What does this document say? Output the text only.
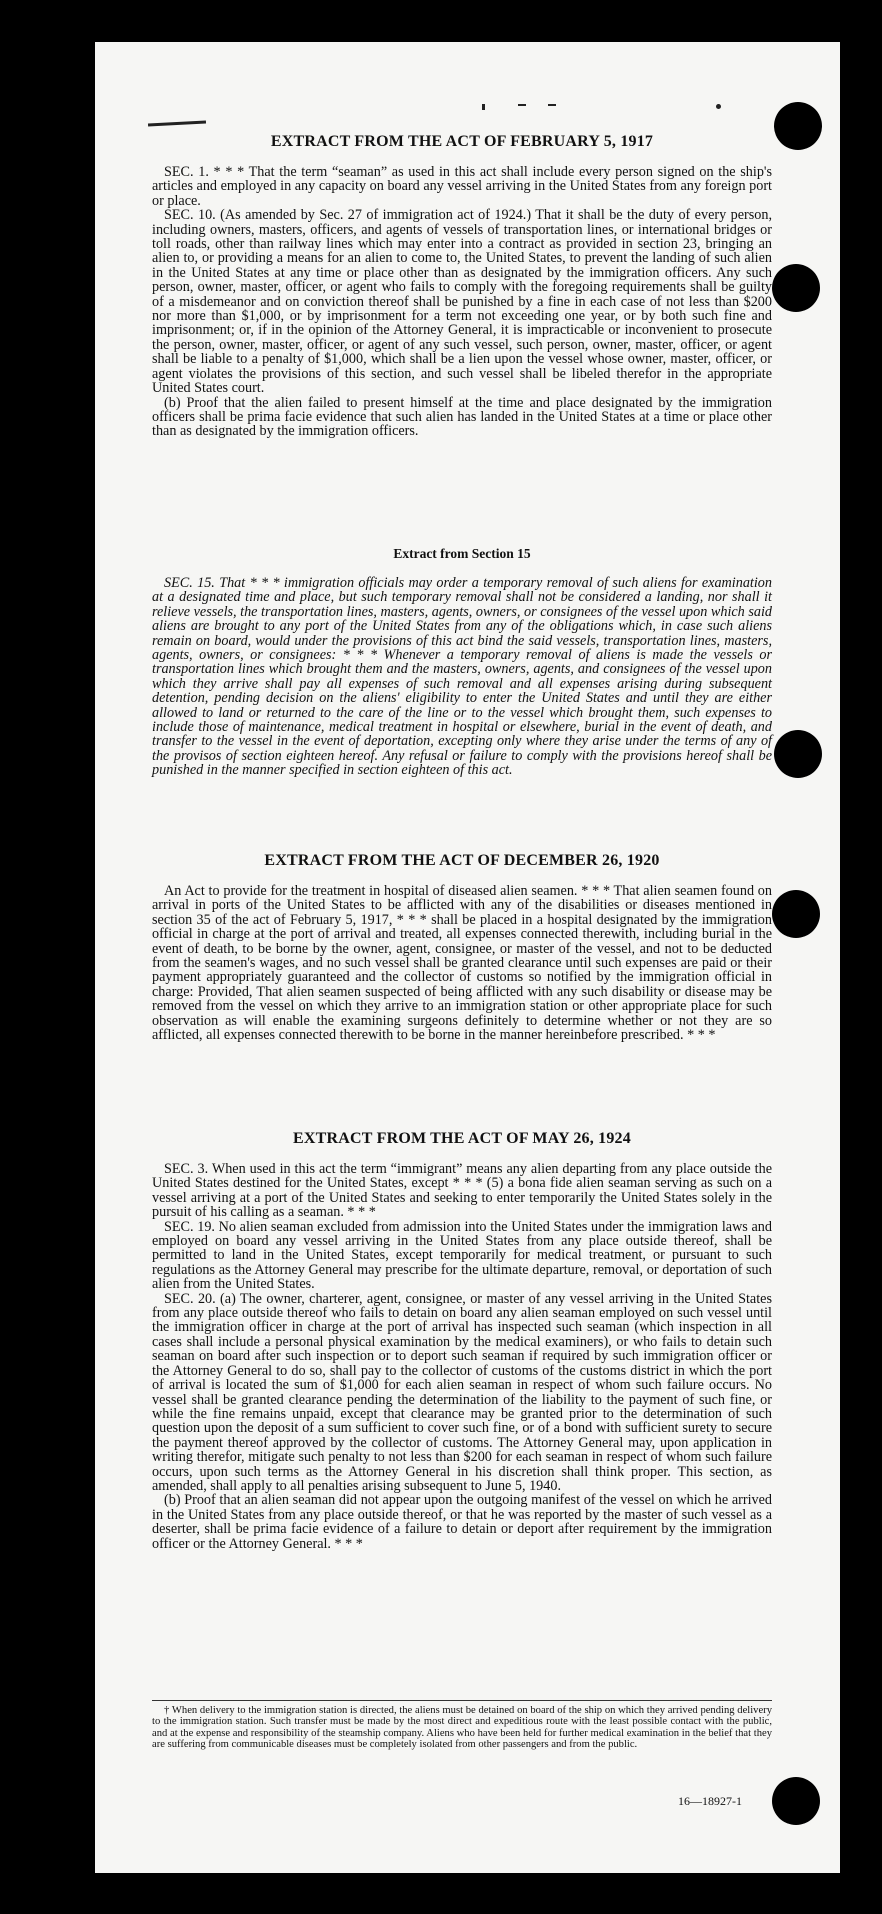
EXTRACT FROM THE ACT OF FEBRUARY 5, 1917

SEC. 1. * * * That the term “seaman” as used in this act shall include every person signed on the ship's articles and employed in any capacity on board any vessel arriving in the United States from any foreign port or place.

SEC. 10. (As amended by Sec. 27 of immigration act of 1924.) That it shall be the duty of every person, including owners, masters, officers, and agents of vessels of transportation lines, or international bridges or toll roads, other than railway lines which may enter into a contract as provided in section 23, bringing an alien to, or providing a means for an alien to come to, the United States, to prevent the landing of such alien in the United States at any time or place other than as designated by the immigration officers. Any such person, owner, master, officer, or agent who fails to comply with the foregoing requirements shall be guilty of a misdemeanor and on conviction thereof shall be punished by a fine in each case of not less than $200 nor more than $1,000, or by imprisonment for a term not exceeding one year, or by both such fine and imprisonment; or, if in the opinion of the Attorney General, it is impracticable or inconvenient to prosecute the person, owner, master, officer, or agent of any such vessel, such person, owner, master, officer, or agent shall be liable to a penalty of $1,000, which shall be a lien upon the vessel whose owner, master, officer, or agent violates the provisions of this section, and such vessel shall be libeled therefor in the appropriate United States court.

(b) Proof that the alien failed to present himself at the time and place designated by the immigration officers shall be prima facie evidence that such alien has landed in the United States at a time or place other than as designated by the immigration officers.

Extract from Section 15

SEC. 15. That * * * immigration officials may order a temporary removal of such aliens for examination at a designated time and place, but such temporary removal shall not be considered a landing, nor shall it relieve vessels, the transportation lines, masters, agents, owners, or consignees of the vessel upon which said aliens are brought to any port of the United States from any of the obligations which, in case such aliens remain on board, would under the provisions of this act bind the said vessels, transportation lines, masters, agents, owners, or consignees: * * * Whenever a temporary removal of aliens is made the vessels or transportation lines which brought them and the masters, owners, agents, and consignees of the vessel upon which they arrive shall pay all expenses of such removal and all expenses arising during subsequent detention, pending decision on the aliens' eligibility to enter the United States and until they are either allowed to land or returned to the care of the line or to the vessel which brought them, such expenses to include those of maintenance, medical treatment in hospital or elsewhere, burial in the event of death, and transfer to the vessel in the event of deportation, excepting only where they arise under the terms of any of the provisos of section eighteen hereof. Any refusal or failure to comply with the provisions hereof shall be punished in the manner specified in section eighteen of this act.

EXTRACT FROM THE ACT OF DECEMBER 26, 1920

An Act to provide for the treatment in hospital of diseased alien seamen. * * * That alien seamen found on arrival in ports of the United States to be afflicted with any of the disabilities or diseases mentioned in section 35 of the act of February 5, 1917, * * * shall be placed in a hospital designated by the immigration official in charge at the port of arrival and treated, all expenses connected therewith, including burial in the event of death, to be borne by the owner, agent, consignee, or master of the vessel, and not to be deducted from the seamen's wages, and no such vessel shall be granted clearance until such expenses are paid or their payment appropriately guaranteed and the collector of customs so notified by the immigration official in charge: Provided, That alien seamen suspected of being afflicted with any such disability or disease may be removed from the vessel on which they arrive to an immigration station or other appropriate place for such observation as will enable the examining surgeons definitely to determine whether or not they are so afflicted, all expenses connected therewith to be borne in the manner hereinbefore prescribed. * * *

EXTRACT FROM THE ACT OF MAY 26, 1924

SEC. 3. When used in this act the term “immigrant” means any alien departing from any place outside the United States destined for the United States, except * * * (5) a bona fide alien seaman serving as such on a vessel arriving at a port of the United States and seeking to enter temporarily the United States solely in the pursuit of his calling as a seaman. * * *

SEC. 19. No alien seaman excluded from admission into the United States under the immigration laws and employed on board any vessel arriving in the United States from any place outside thereof, shall be permitted to land in the United States, except temporarily for medical treatment, or pursuant to such regulations as the Attorney General may prescribe for the ultimate departure, removal, or deportation of such alien from the United States.

SEC. 20. (a) The owner, charterer, agent, consignee, or master of any vessel arriving in the United States from any place outside thereof who fails to detain on board any alien seaman employed on such vessel until the immigration officer in charge at the port of arrival has inspected such seaman (which inspection in all cases shall include a personal physical examination by the medical examiners), or who fails to detain such seaman on board after such inspection or to deport such seaman if required by such immigration officer or the Attorney General to do so, shall pay to the collector of customs of the customs district in which the port of arrival is located the sum of $1,000 for each alien seaman in respect of whom such failure occurs. No vessel shall be granted clearance pending the determination of the liability to the payment of such fine, or while the fine remains unpaid, except that clearance may be granted prior to the determination of such question upon the deposit of a sum sufficient to cover such fine, or of a bond with sufficient surety to secure the payment thereof approved by the collector of customs. The Attorney General may, upon application in writing therefor, mitigate such penalty to not less than $200 for each seaman in respect of whom such failure occurs, upon such terms as the Attorney General in his discretion shall think proper. This section, as amended, shall apply to all penalties arising subsequent to June 5, 1940.

(b) Proof that an alien seaman did not appear upon the outgoing manifest of the vessel on which he arrived in the United States from any place outside thereof, or that he was reported by the master of such vessel as a deserter, shall be prima facie evidence of a failure to detain or deport after requirement by the immigration officer or the Attorney General. * * *

† When delivery to the immigration station is directed, the aliens must be detained on board of the ship on which they arrived pending delivery to the immigration station. Such transfer must be made by the most direct and expeditious route with the least possible contact with the public, and at the expense and responsibility of the steamship company. Aliens who have been held for further medical examination in the belief that they are suffering from communicable diseases must be completely isolated from other passengers and from the public.

16—18927-1
